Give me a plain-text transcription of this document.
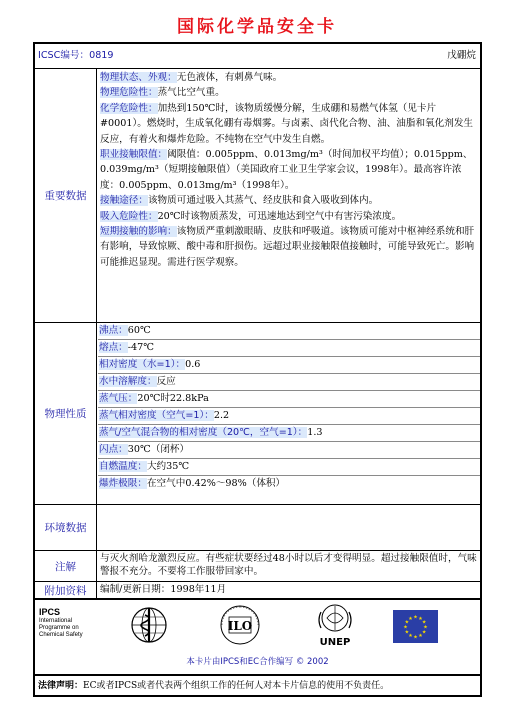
国际化学品安全卡
ICSC编号：0819	戊硼烷
重要数据

物理状态、外观：无色液体，有刺鼻气味。

物理危险性：蒸气比空气重。

化学危险性：加热到150℃时，该物质缓慢分解，生成硼和易燃气体氢（见卡片#0001）。燃烧时，生成氧化硼有毒烟雾。与卤素、卤代化合物、油、油脂和氧化剂发生反应，有着火和爆炸危险。不纯物在空气中发生自燃。

职业接触限值：阈限值：0.005ppm、0.013mg/m³（时间加权平均值）；0.015ppm、0.039mg/m³（短期接触限值）（美国政府工业卫生学家会议，1998年）。最高容许浓度：0.005ppm、0.013mg/m³（1998年）。

接触途径：该物质可通过吸入其蒸气、经皮肤和食入吸收到体内。

吸入危险性：20℃时该物质蒸发，可迅速地达到空气中有害污染浓度。

短期接触的影响：该物质严重刺激眼睛、皮肤和呼吸道。该物质可能对中枢神经系统和肝有影响，导致惊厥、酸中毒和肝损伤。远超过职业接触限值接触时，可能导致死亡。影响可能推迟显现。需进行医学观察。

物理性质
沸点：60℃
熔点：-47℃
相对密度（水=1）：0.6
水中溶解度：反应
蒸气压：20℃时22.8kPa
蒸气相对密度（空气=1）：2.2
蒸气/空气混合物的相对密度（20℃，空气=1）：1.3
闪点：30℃（闭杯）
自燃温度：大约35℃
爆炸极限：在空气中0.42%～98%（体积）
环境数据
注解
与灭火剂哈龙激烈反应。有些症状要经过48小时以后才变得明显。超过接触限值时，气味警报不充分。不要将工作服带回家中。
附加资料	编制/更新日期：1998年11月
IPCS
International
Programme on
Chemical Safety
ILO
UNEP
★
★
★
★
★
★
★
★
★ ★ ★
★
本卡片由IPCS和EC合作编写 © 2002
法律声明：EC或者IPCS或者代表两个组织工作的任何人对本卡片信息的使用不负责任。
